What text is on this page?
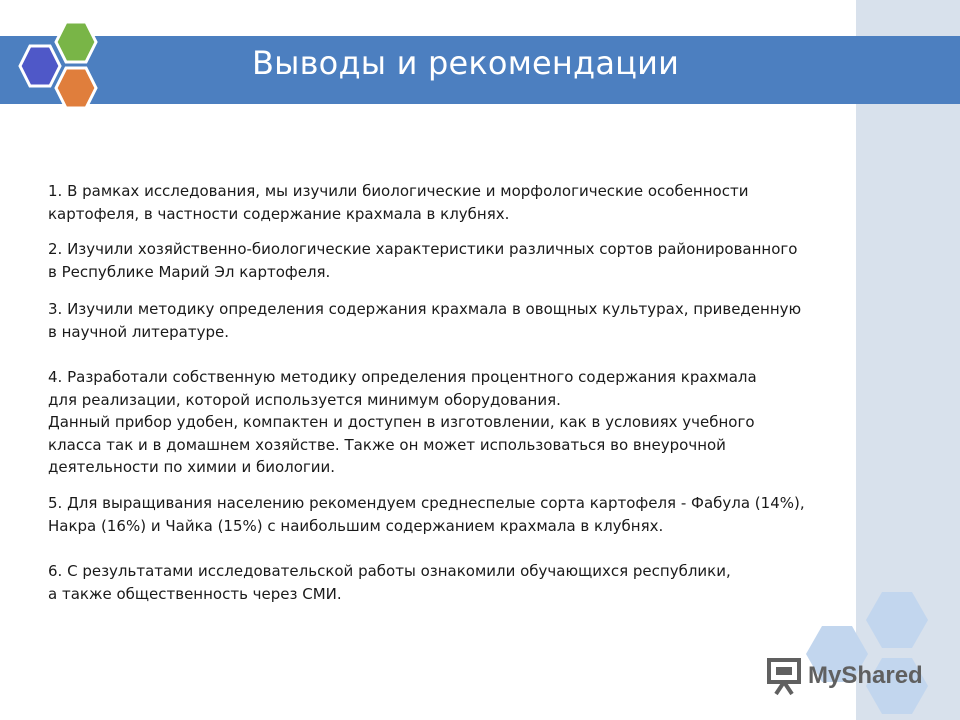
Выводы и рекомендации
1. В рамках исследования, мы изучили биологические и морфологические особенности
картофеля, в частности содержание крахмала в клубнях.
2. Изучили хозяйственно-биологические характеристики различных сортов районированного
в Республике Марий Эл картофеля.
3. Изучили методику определения содержания крахмала в овощных культурах, приведенную
в научной литературе.
4. Разработали собственную методику определения процентного содержания крахмала
для реализации, которой используется минимум оборудования.
Данный прибор удобен, компактен и доступен в изготовлении, как в условиях учебного
класса так и в домашнем хозяйстве. Также он может использоваться во внеурочной
деятельности по химии и биологии.
5. Для выращивания населению рекомендуем среднеспелые сорта картофеля - Фабула (14%),
Накра (16%) и Чайка (15%) с наибольшим содержанием крахмала в клубнях.
6. С результатами исследовательской работы ознакомили обучающихся республики,
а также общественность через СМИ.
MyShared
